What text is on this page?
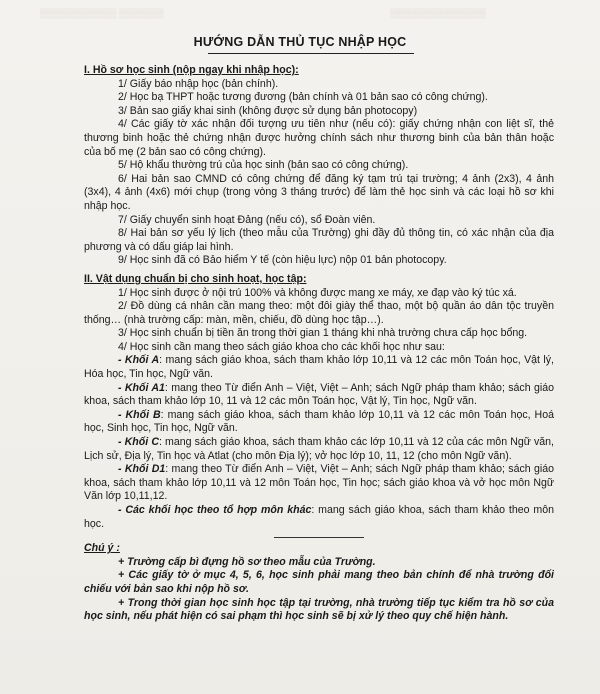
▒▒▒▒▒▒▒▒▒▒▒▒ ▒▒▒▒▒▒▒	▒▒▒▒▒▒▒▒▒▒▒▒▒▒▒
HƯỚNG DẪN THỦ TỤC NHẬP HỌC

I. Hồ sơ học sinh (nộp ngay khi nhập học):

1/ Giấy báo nhập học (bản chính).

2/ Học bạ THPT hoặc tương đương (bản chính và 01 bản sao có công chứng).

3/ Bản sao giấy khai sinh (không được sử dụng bản photocopy)

4/ Các giấy tờ xác nhận đối tượng ưu tiên như (nếu có): giấy chứng nhận con liệt sĩ, thẻ thương binh hoặc thẻ chứng nhận được hưởng chính sách như thương binh của bản thân hoặc của bố mẹ (2 bản sao có công chứng).

5/ Hộ khẩu thường trú của học sinh (bản sao có công chứng).

6/ Hai bản sao CMND có công chứng để đăng ký tạm trú tại trường; 4 ảnh (2x3), 4 ảnh (3x4), 4 ảnh (4x6) mới chụp (trong vòng 3 tháng trước) để làm thẻ học sinh và các loại hồ sơ khi nhập học.

7/ Giấy chuyển sinh hoạt Đảng (nếu có), sổ Đoàn viên.

8/ Hai bản sơ yếu lý lịch (theo mẫu của Trường) ghi đầy đủ thông tin, có xác nhận của địa phương và có dấu giáp lai hình.

9/ Học sinh đã có Bảo hiểm Y tế (còn hiệu lực) nộp 01 bản photocopy.

II. Vật dụng chuẩn bị cho sinh hoạt, học tập:

1/ Học sinh được ở nội trú 100% và không được mang xe máy, xe đạp vào ký túc xá.

2/ Đồ dùng cá nhân cần mang theo: một đôi giày thể thao, một bộ quần áo dân tộc truyền thống… (nhà trường cấp: màn, mền, chiếu, đồ dùng học tập…).

3/ Học sinh chuẩn bị tiền ăn trong thời gian 1 tháng khi nhà trường chưa cấp học bổng.

4/ Học sinh cần mang theo sách giáo khoa cho các khối học như sau:

- Khối A: mang sách giáo khoa, sách tham khảo lớp 10,11 và 12 các môn Toán học, Vật lý, Hóa học, Tin học, Ngữ văn.

- Khối A1: mang theo Từ điển Anh – Việt, Việt – Anh; sách Ngữ pháp tham khảo; sách giáo khoa, sách tham khảo lớp 10, 11 và 12 các môn Toán học, Vật lý, Tin học, Ngữ văn.

- Khối B: mang sách giáo khoa, sách tham khảo lớp 10,11 và 12 các môn Toán học, Hoá học, Sinh học, Tin học, Ngữ văn.

- Khối C: mang sách giáo khoa, sách tham khảo các lớp 10,11 và 12 của các môn Ngữ văn, Lịch sử, Địa lý, Tin học và Atlat (cho môn Địa lý); vở học lớp 10, 11, 12 (cho môn Ngữ văn).

- Khối D1: mang theo Từ điển Anh – Việt, Việt – Anh; sách Ngữ pháp tham khảo; sách giáo khoa, sách tham khảo lớp 10,11 và 12 môn Toán học, Tin học; sách giáo khoa và vở học môn Ngữ Văn lớp 10,11,12.

- Các khối học theo tổ hợp môn khác: mang sách giáo khoa, sách tham khảo theo môn học.

Chú ý :

+ Trường cấp bì đựng hồ sơ theo mẫu của Trường.

+ Các giấy tờ ở mục 4, 5, 6, học sinh phải mang theo bản chính để nhà trường đối chiếu với bản sao khi nộp hồ sơ.

+ Trong thời gian học sinh học tập tại trường, nhà trường tiếp tục kiểm tra hồ sơ của học sinh, nếu phát hiện có sai phạm thì học sinh sẽ bị xử lý theo quy chế hiện hành.
